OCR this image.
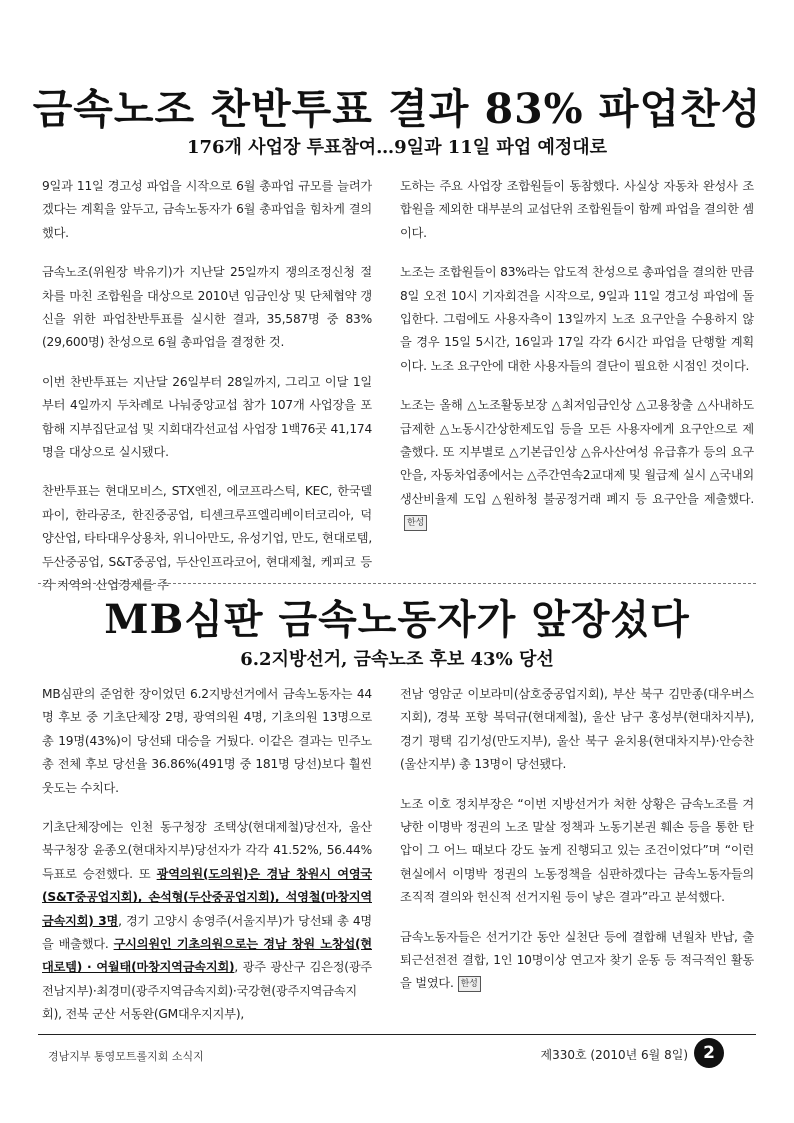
금속노조 찬반투표 결과 83% 파업찬성
176개 사업장 투표참여…9일과 11일 파업 예정대로

9일과 11일 경고성 파업을 시작으로 6월 총파업 규모를 늘려가겠다는 계획을 앞두고, 금속노동자가 6월 총파업을 힘차게 결의했다.

금속노조(위원장 박유기)가 지난달 25일까지 쟁의조정신청 절차를 마친 조합원을 대상으로 2010년 임금인상 및 단체협약 갱신을 위한 파업찬반투표를 실시한 결과, 35,587명 중 83%(29,600명) 찬성으로 6월 총파업을 결정한 것.

이번 찬반투표는 지난달 26일부터 28일까지, 그리고 이달 1일부터 4일까지 두차례로 나눠중앙교섭 참가 107개 사업장을 포함해 지부집단교섭 및 지회대각선교섭 사업장 1백76곳 41,174명을 대상으로 실시됐다.

찬반투표는 현대모비스, STX엔진, 에코프라스틱, KEC, 한국델파이, 한라공조, 한진중공업, 티센크루프엘리베이터코리아, 덕양산업, 타타대우상용차, 위니아만도, 유성기업, 만도, 현대로템, 두산중공업, S&T중공업, 두산인프라코어, 현대제철, 케피코 등 각 지역의 산업경제를 주

도하는 주요 사업장 조합원들이 동참했다. 사실상 자동차 완성사 조합원을 제외한 대부분의 교섭단위 조합원들이 함께 파업을 결의한 셈이다.

노조는 조합원들이 83%라는 압도적 찬성으로 총파업을 결의한 만큼 8일 오전 10시 기자회견을 시작으로, 9일과 11일 경고성 파업에 돌입한다. 그럼에도 사용자측이 13일까지 노조 요구안을 수용하지 않을 경우 15일 5시간, 16일과 17일 각각 6시간 파업을 단행할 계획이다. 노조 요구안에 대한 사용자들의 결단이 필요한 시점인 것이다.

노조는 올해 △노조활동보장 △최저임금인상 △고용창출 △사내하도급제한 △노동시간상한제도입 등을 모든 사용자에게 요구안으로 제출했다. 또 지부별로 △기본급인상 △유사산여성 유급휴가 등의 요구안을, 자동차업종에서는 △주간연속2교대제 및 월급제 실시 △국내외 생산비율제 도입 △원하청 불공정거래 폐지 등 요구안을 제출했다.한성

MB심판 금속노동자가 앞장섰다
6.2지방선거, 금속노조 후보 43% 당선

MB심판의 준엄한 장이었던 6.2지방선거에서 금속노동자는 44명 후보 중 기초단체장 2명, 광역의원 4명, 기초의원 13명으로 총 19명(43%)이 당선돼 대승을 거뒀다. 이같은 결과는 민주노총 전체 후보 당선율 36.86%(491명 중 181명 당선)보다 훨씬 웃도는 수치다.

기초단체장에는 인천 동구청장 조택상(현대제철)당선자, 울산 북구청장 윤종오(현대차지부)당선자가 각각 41.52%, 56.44% 득표로 승전했다. 또 광역의원(도의원)은 경남 창원시 여영국(S&T중공업지회), 손석형(두산중공업지회), 석영철(마창지역금속지회) 3명, 경기 고양시 송영주(서울지부)가 당선돼 총 4명을 배출했다. 구시의원인 기초의원으로는 경남 창원 노창섭(현대로템) · 여월태(마창지역금속지회), 광주 광산구 김은정(광주전남지부)·최경미(광주지역금속지회)·국강현(광주지역금속지회), 전북 군산 서동완(GM대우지지부),

전남 영암군 이보라미(삼호중공업지회), 부산 북구 김만종(대우버스지회), 경북 포항 복덕규(현대제철), 울산 남구 홍성부(현대차지부), 경기 평택 김기성(만도지부), 울산 북구 윤치용(현대차지부)·안승찬(울산지부) 총 13명이 당선됐다.

노조 이호 정치부장은 “이번 지방선거가 처한 상황은 금속노조를 겨냥한 이명박 정권의 노조 말살 정책과 노동기본권 훼손 등을 통한 탄압이 그 어느 때보다 강도 높게 진행되고 있는 조건이었다”며 “이런 현실에서 이명박 정권의 노동정책을 심판하겠다는 금속노동자들의 조직적 결의와 헌신적 선거지원 등이 낳은 결과”라고 분석했다.

금속노동자들은 선거기간 동안 실천단 등에 결합해 년월차 반납, 출퇴근선전전 결합, 1인 10명이상 연고자 찾기 운동 등 적극적인 활동을 벌였다. 한성

경남지부 통영모트롤지회 소식지	제330호 (2010년 6월 8일) 2
